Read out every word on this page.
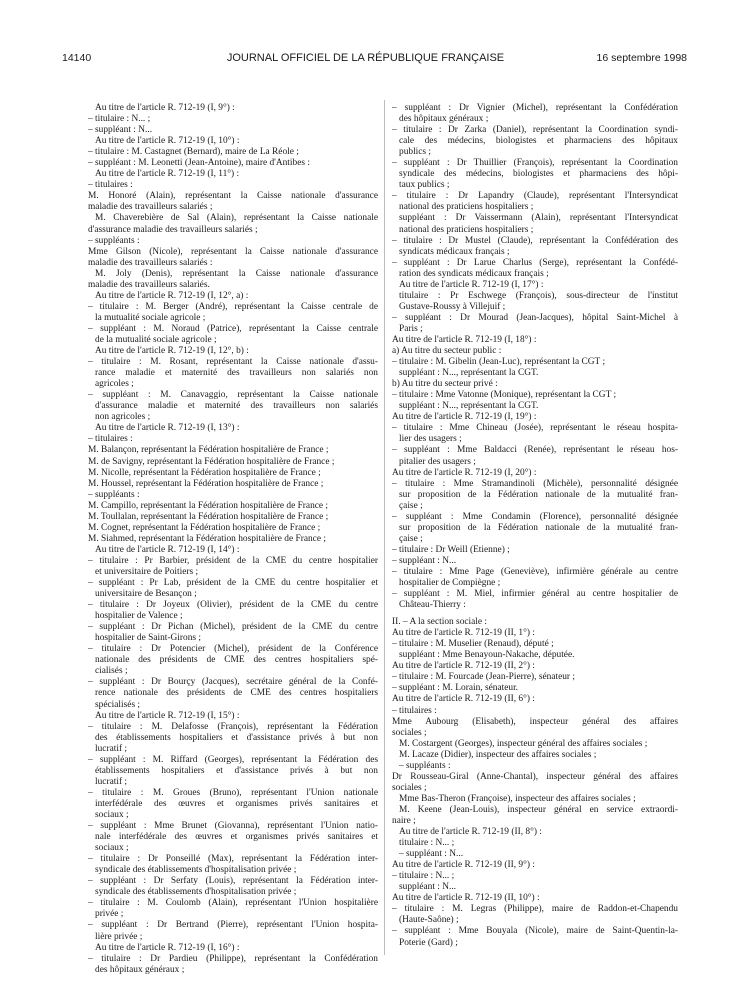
JOURNAL OFFICIEL DE LA RÉPUBLIQUE FRANÇAISE
14140	16 septembre 1998
Au titre de l'article R. 712-19 (I, 9°) :
– titulaire : N... ;
– suppléant : N...
Au titre de l'article R. 712-19 (I, 10°) :
– titulaire : M. Castagnet (Bernard), maire de La Réole ;
– suppléant : M. Leonetti (Jean-Antoine), maire d'Antibes :
Au titre de l'article R. 712-19 (I, 11°) :
– titulaires :
M. Honoré (Alain), représentant la Caisse nationale d'assurance
maladie des travailleurs salariés ;
M. Chaverebière de Sal (Alain), représentant la Caisse nationale
d'assurance maladie des travailleurs salariés ;
– suppléants :
Mme Gilson (Nicole), représentant la Caisse nationale d'assurance
maladie des travailleurs salariés :
M. Joly (Denis), représentant la Caisse nationale d'assurance
maladie des travailleurs salariés.
Au titre de l'article R. 712-19 (I, 12°, a) :
– titulaire : M. Berger (André), représentant la Caisse centrale de
la mutualité sociale agricole ;
– suppléant : M. Noraud (Patrice), représentant la Caisse centrale
de la mutualité sociale agricole ;
Au titre de l'article R. 712-19 (I, 12°, b) :
– titulaire : M. Rosant, représentant la Caisse nationale d'assu-
rance maladie et maternité des travailleurs non salariés non
agricoles ;
– suppléant : M. Canavaggio, représentant la Caisse nationale
d'assurance maladie et maternité des travailleurs non salariés
non agricoles ;
Au titre de l'article R. 712-19 (I, 13°) :
– titulaires :
M. Balançon, représentant la Fédération hospitalière de France ;
M. de Savigny, représentant la Fédération hospitalière de France ;
M. Nicolle, représentant la Fédération hospitalière de France ;
M. Houssel, représentant la Fédération hospitalière de France ;
– suppléants :
M. Campillo, représentant la Fédération hospitalière de France ;
M. Toullalan, représentant la Fédération hospitalière de France ;
M. Cognet, représentant la Fédération hospitalière de France ;
M. Siahmed, représentant la Fédération hospitalière de France ;
Au titre de l'article R. 712-19 (I, 14°) :
– titulaire : Pr Barbier, président de la CME du centre hospitalier
et universitaire de Poitiers ;
– suppléant : Pr Lab, président de la CME du centre hospitalier et
universitaire de Besançon ;
– titulaire : Dr Joyeux (Olivier), président de la CME du centre
hospitalier de Valence ;
– suppléant : Dr Pichan (Michel), président de la CME du centre
hospitalier de Saint-Girons ;
– titulaire : Dr Potencier (Michel), président de la Conférence
nationale des présidents de CME des centres hospitaliers spé-
cialisés ;
– suppléant : Dr Bourçy (Jacques), secrétaire général de la Confé-
rence nationale des présidents de CME des centres hospitaliers
spécialisés ;
Au titre de l'article R. 712-19 (I, 15°) :
– titulaire : M. Delafosse (François), représentant la Fédération
des établissements hospitaliers et d'assistance privés à but non
lucratif ;
– suppléant : M. Riffard (Georges), représentant la Fédération des
établissements hospitaliers et d'assistance privés à but non
lucratif ;
– titulaire : M. Groues (Bruno), représentant l'Union nationale
interfédérale des œuvres et organismes privés sanitaires et
sociaux ;
– suppléant : Mme Brunet (Giovanna), représentant l'Union natio-
nale interfédérale des œuvres et organismes privés sanitaires et
sociaux ;
– titulaire : Dr Ponseillé (Max), représentant la Fédération inter-
syndicale des établissements d'hospitalisation privée ;
– suppléant : Dr Serfaty (Louis), représentant la Fédération inter-
syndicale des établissements d'hospitalisation privée ;
– titulaire : M. Coulomb (Alain), représentant l'Union hospitalière
privée ;
– suppléant : Dr Bertrand (Pierre), représentant l'Union hospita-
lière privée ;
Au titre de l'article R. 712-19 (I, 16°) :
– titulaire : Dr Pardieu (Philippe), représentant la Confédération
des hôpitaux généraux ;
– suppléant : Dr Vignier (Michel), représentant la Confédération
des hôpitaux généraux ;
– titulaire : Dr Zarka (Daniel), représentant la Coordination syndi-
cale des médecins, biologistes et pharmaciens des hôpitaux
publics ;
– suppléant : Dr Thuillier (François), représentant la Coordination
syndicale des médecins, biologistes et pharmaciens des hôpi-
taux publics ;
– titulaire : Dr Lapandry (Claude), représentant l'Intersyndicat
national des praticiens hospitaliers ;
suppléant : Dr Vaissermann (Alain), représentant l'Intersyndicat
national des praticiens hospitaliers ;
– titulaire : Dr Mustel (Claude), représentant la Confédération des
syndicats médicaux français ;
– suppléant : Dr Larue Charlus (Serge), représentant la Confédé-
ration des syndicats médicaux français ;
Au titre de l'article R. 712-19 (I, 17°) :
titulaire : Pr Eschwege (François), sous-directeur de l'institut
Gustave-Roussy à Villejuif ;
– suppléant : Dr Mourad (Jean-Jacques), hôpital Saint-Michel à
Paris ;
Au titre de l'article R. 712-19 (I, 18°) :
a) Au titre du secteur public :
– titulaire : M. Gibelin (Jean-Luc), représentant la CGT ;
suppléant : N..., représentant la CGT.
b) Au titre du secteur privé :
– titulaire : Mme Vatonne (Monique), représentant la CGT ;
suppléant : N..., représentant la CGT.
Au titre de l'article R. 712-19 (I, 19°) :
– titulaire : Mme Chineau (Josée), représentant le réseau hospita-
lier des usagers ;
– suppléant : Mme Baldacci (Renée), représentant le réseau hos-
pitalier des usagers ;
Au titre de l'article R. 712-19 (I, 20°) :
– titulaire : Mme Stramandinoli (Michèle), personnalité désignée
sur proposition de la Fédération nationale de la mutualité fran-
çaise ;
– suppléant : Mme Condamin (Florence), personnalité désignée
sur proposition de la Fédération nationale de la mutualité fran-
çaise ;
– titulaire : Dr Weill (Etienne) ;
– suppléant : N...
– titulaire : Mme Page (Geneviève), infirmière générale au centre
hospitalier de Compiègne ;
– suppléant : M. Miel, infirmier général au centre hospitalier de
Château-Thierry :
II. – A la section sociale :
Au titre de l'article R. 712-19 (II, 1°) :
– titulaire : M. Muselier (Renaud), député ;
suppléant : Mme Benayoun-Nakache, députée.
Au titre de l'article R. 712-19 (II, 2°) :
– titulaire : M. Fourcade (Jean-Pierre), sénateur ;
– suppléant : M. Lorain, sénateur.
Au titre de l'article R. 712-19 (II, 6°) :
– titulaires :
Mme Aubourg (Elisabeth), inspecteur général des affaires
sociales ;
M. Costargent (Georges), inspecteur général des affaires sociales ;
M. Lacaze (Didier), inspecteur des affaires sociales ;
– suppléants :
Dr Rousseau-Giral (Anne-Chantal), inspecteur général des affaires
sociales ;
Mme Bas-Theron (Françoise), inspecteur des affaires sociales ;
M. Keene (Jean-Louis), inspecteur général en service extraordi-
naire ;
Au titre de l'article R. 712-19 (II, 8°) :
titulaire : N... ;
– suppléant : N...
Au titre de l'article R. 712-19 (II, 9°) :
– titulaire : N... ;
suppléant : N...
Au titre de l'article R. 712-19 (II, 10°) :
– titulaire : M. Legras (Philippe), maire de Raddon-et-Chapendu
(Haute-Saône) ;
– suppléant : Mme Bouyala (Nicole), maire de Saint-Quentin-la-
Poterie (Gard) ;
